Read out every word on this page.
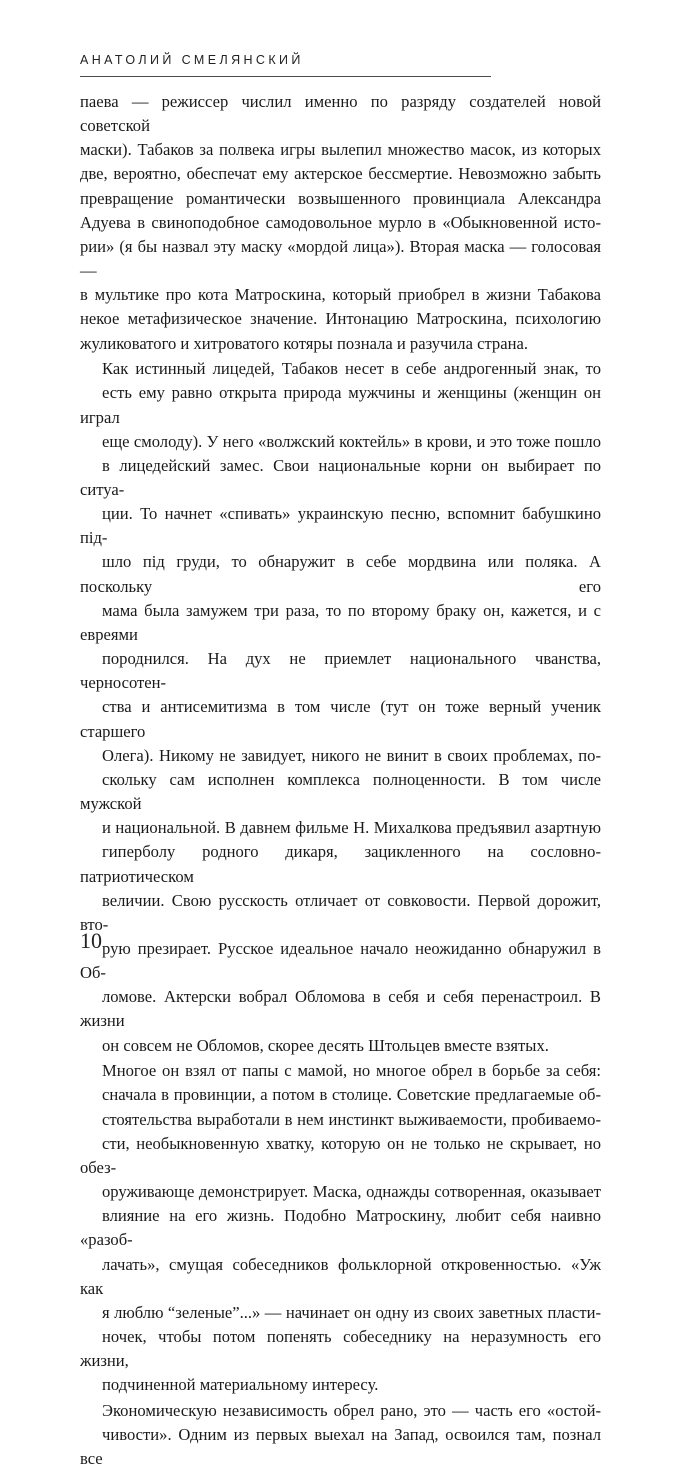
АНАТОЛИЙ СМЕЛЯНСКИЙ

паева — режиссер числил именно по разряду создателей новой советской
маски). Табаков за полвека игры вылепил множество масок, из которых
две, вероятно, обеспечат ему актерское бессмертие. Невозможно забыть
превращение романтически возвышенного провинциала Александра
Адуева в свиноподобное самодовольное мурло в «Обыкновенной исто-
рии» (я бы назвал эту маску «мордой лица»). Вторая маска — голосовая —
в мультике про кота Матроскина, который приобрел в жизни Табакова
некое метафизическое значение. Интонацию Матроскина, психологию
жуликоватого и хитроватого котяры познала и разучила страна.

Как истинный лицедей, Табаков несет в себе андрогенный знак, то
есть ему равно открыта природа мужчины и женщины (женщин он играл
еще смолоду). У него «волжский коктейль» в крови, и это тоже пошло
в лицедейский замес. Свои национальные корни он выбирает по ситуа-
ции. То начнет «спивать» украинскую песню, вспомнит бабушкино під-
шло під груди, то обнаружит в себе мордвина или поляка. А поскольку его
мама была замужем три раза, то по второму браку он, кажется, и с евреями
породнился. На дух не приемлет национального чванства, черносотен-
ства и антисемитизма в том числе (тут он тоже верный ученик старшего
Олега). Никому не завидует, никого не винит в своих проблемах, по-
скольку сам исполнен комплекса полноценности. В том числе мужской
и национальной. В давнем фильме Н. Михалкова предъявил азартную
гиперболу родного дикаря, зацикленного на сословно-патриотическом
величии. Свою русскость отличает от совковости. Первой дорожит, вто-
рую презирает. Русское идеальное начало неожиданно обнаружил в Об-
ломове. Актерски вобрал Обломова в себя и себя перенастроил. В жизни
он совсем не Обломов, скорее десять Штольцев вместе взятых.

Многое он взял от папы с мамой, но многое обрел в борьбе за себя:
сначала в провинции, а потом в столице. Советские предлагаемые об-
стоятельства выработали в нем инстинкт выживаемости, пробиваемо-
сти, необыкновенную хватку, которую он не только не скрывает, но обез-
оруживающе демонстрирует. Маска, однажды сотворенная, оказывает
влияние на его жизнь. Подобно Матроскину, любит себя наивно «разоб-
лачать», смущая собеседников фольклорной откровенностью. «Уж как
я люблю “зеленые”...» — начинает он одну из своих заветных пласти-
ночек, чтобы потом попенять собеседнику на неразумность его жизни,
подчиненной материальному интересу.

Экономическую независимость обрел рано, это — часть его «остой-
чивости». Одним из первых выехал на Запад, освоился там, познал все

10
